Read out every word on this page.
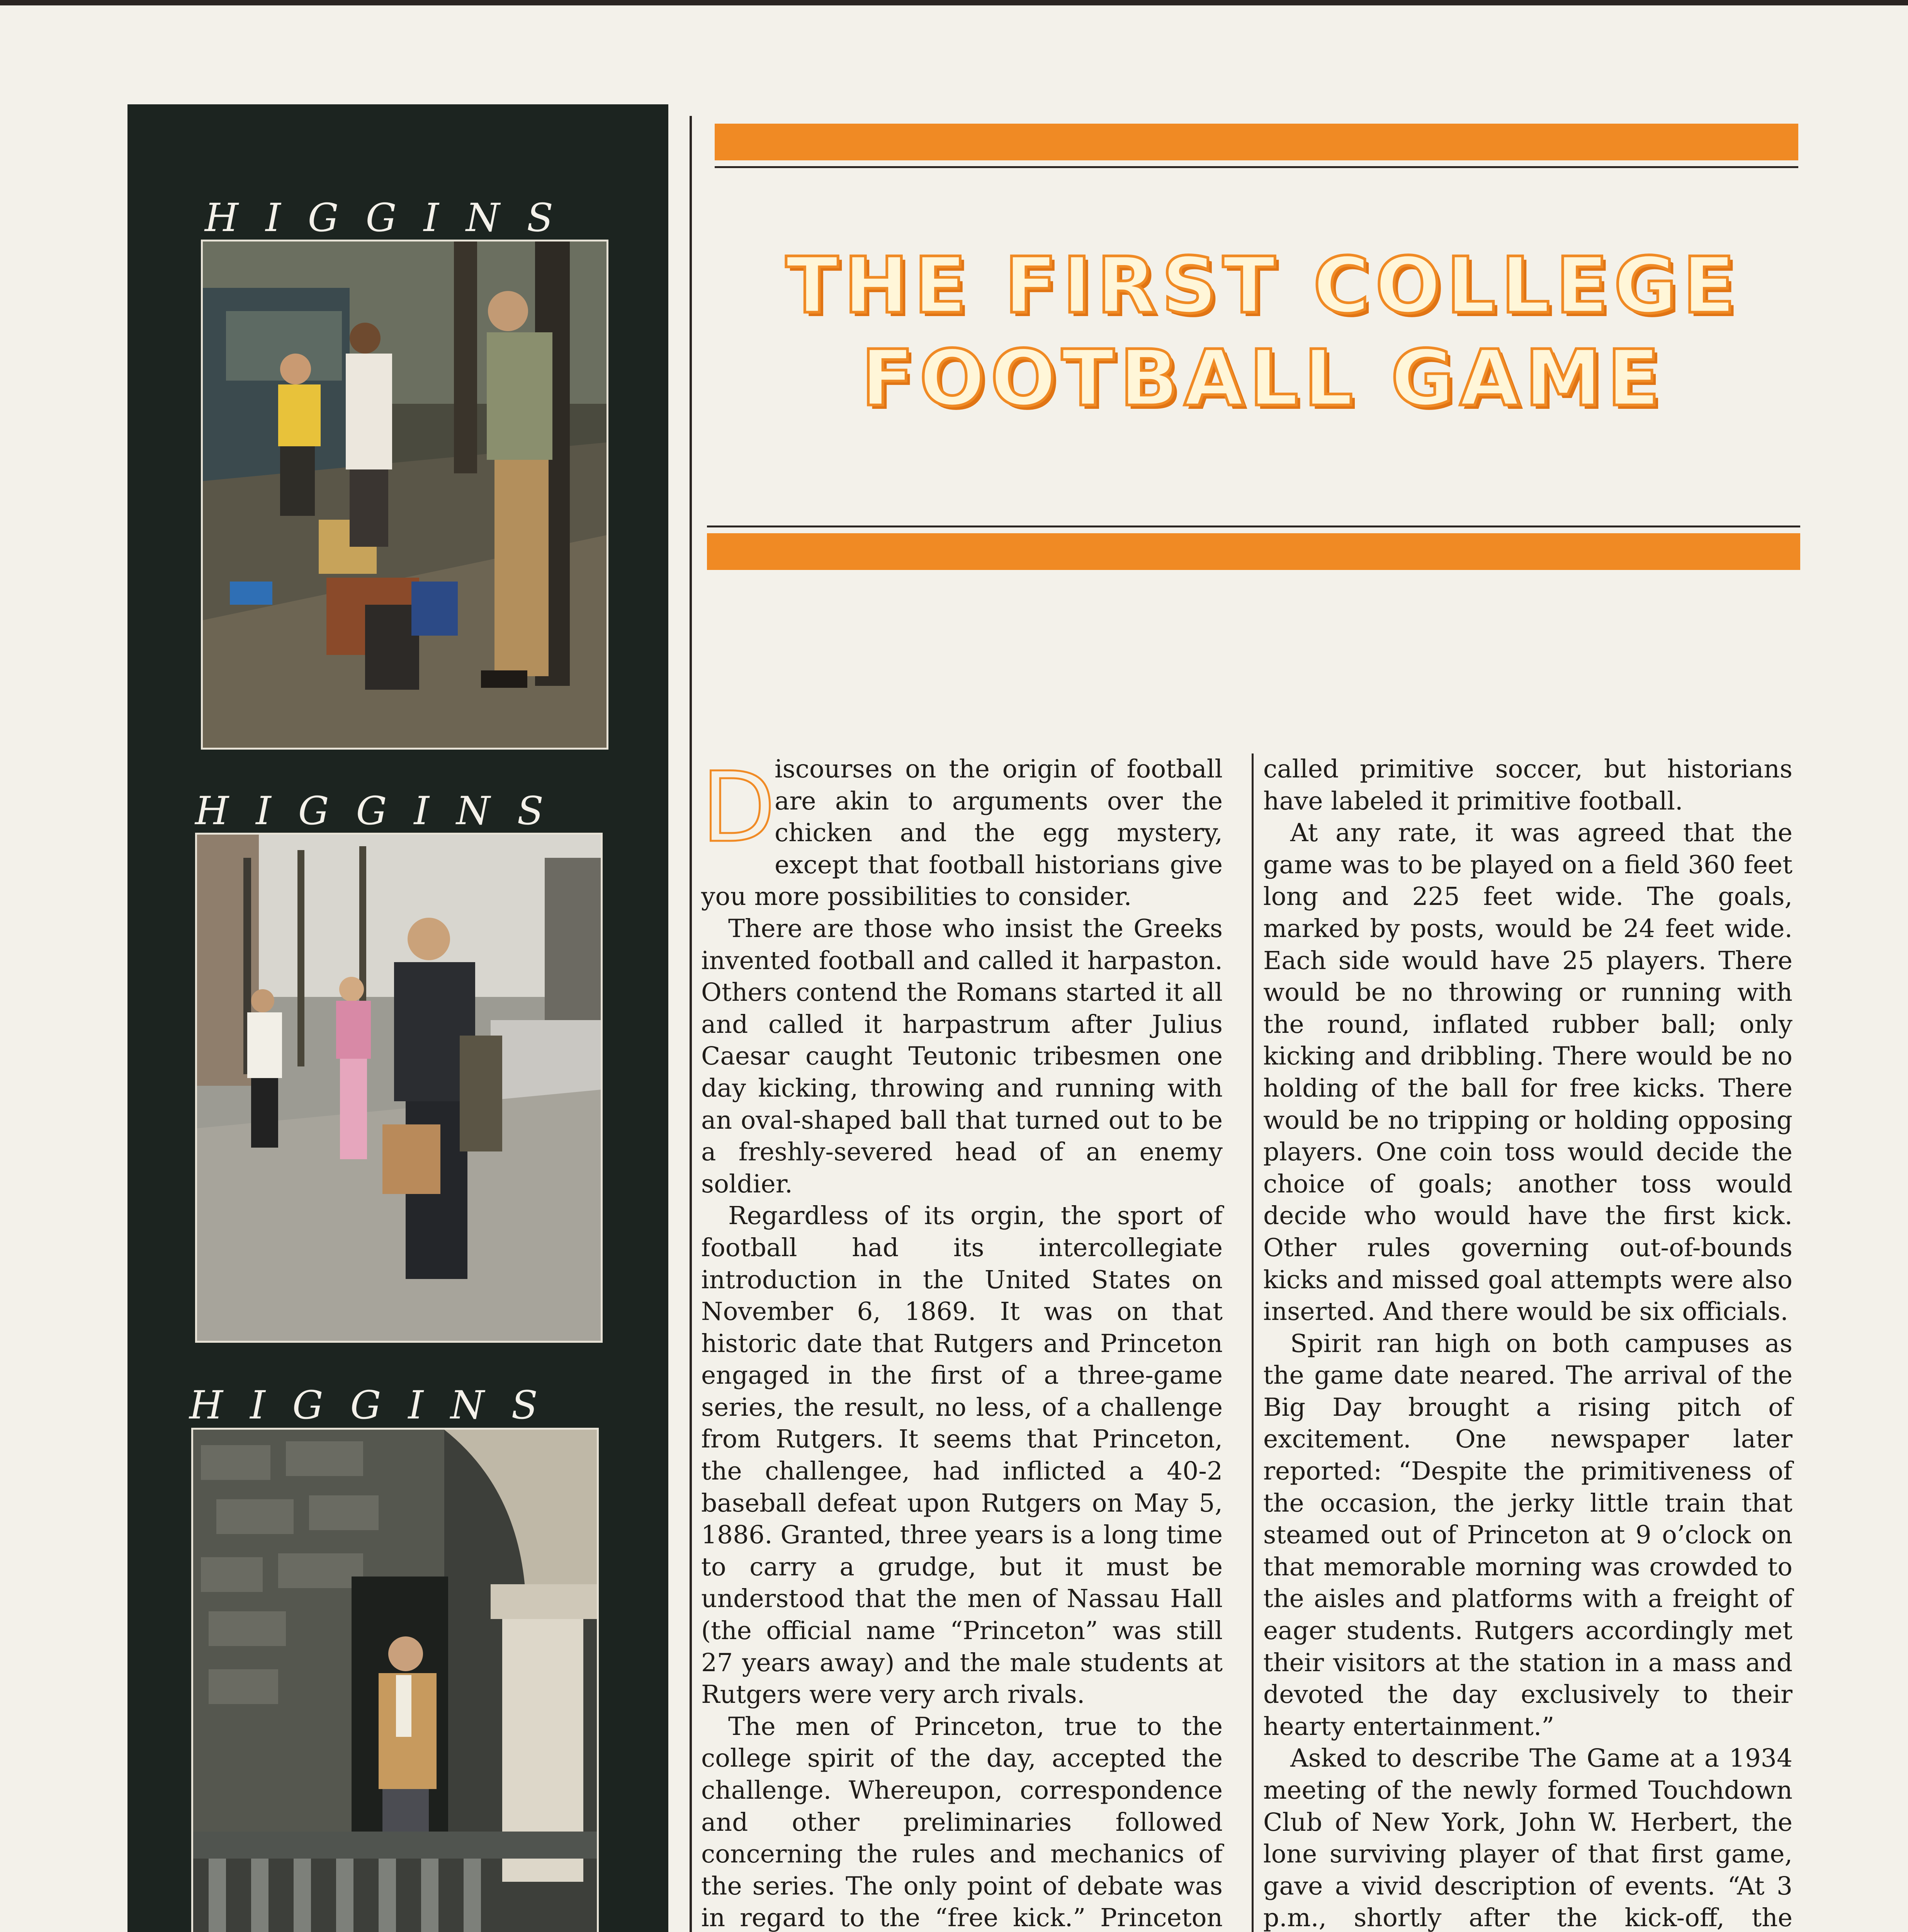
HIGGINS
HIGGINS
HIGGINS
THE FIRST COLLEGE
FOOTBALL GAME

D
iscourses on the origin of football are akin to arguments over the chicken and the egg mystery, except that football historians give you more possibilities to consider.

There are those who insist the Greeks invented football and called it harpaston. Others contend the Romans started it all and called it harpastrum after Julius Caesar caught Teutonic tribesmen one day kicking, throwing and running with an oval-shaped ball that turned out to be a freshly-severed head of an enemy soldier.

Regardless of its orgin, the sport of football had its intercollegiate introduction in the United States on November 6, 1869. It was on that historic date that Rutgers and Princeton engaged in the first of a three-game series, the result, no less, of a challenge from Rutgers. It seems that Princeton, the challengee, had inflicted a 40-2 baseball defeat upon Rutgers on May 5, 1886. Granted, three years is a long time to carry a grudge, but it must be understood that the men of Nassau Hall (the official name “Princeton” was still 27 years away) and the male students at Rutgers were very arch rivals.

The men of Princeton, true to the college spirit of the day, accepted the challenge. Whereupon, correspondence and other preliminaries followed concerning the rules and mechanics of the series. The only point of debate was in regard to the “free kick.” Princeton

called primitive soccer, but historians have labeled it primitive football.

At any rate, it was agreed that the game was to be played on a field 360 feet long and 225 feet wide. The goals, marked by posts, would be 24 feet wide. Each side would have 25 players. There would be no throwing or running with the round, inflated rubber ball; only kicking and dribbling. There would be no holding of the ball for free kicks. There would be no tripping or holding opposing players. One coin toss would decide the choice of goals; another toss would decide who would have the first kick. Other rules governing out-of-bounds kicks and missed goal attempts were also inserted. And there would be six officials.

Spirit ran high on both campuses as the game date neared. The arrival of the Big Day brought a rising pitch of excitement. One newspaper later reported: “Despite the primitiveness of the occasion, the jerky little train that steamed out of Princeton at 9 o’clock on that memorable morning was crowded to the aisles and platforms with a freight of eager students. Rutgers accordingly met their visitors at the station in a mass and devoted the day exclusively to their hearty entertainment.”

Asked to describe The Game at a 1934 meeting of the newly formed Touchdown Club of New York, John W. Herbert, the lone surviving player of that first game, gave a vivid description of events. “At 3 p.m., shortly after the kick-off, the
